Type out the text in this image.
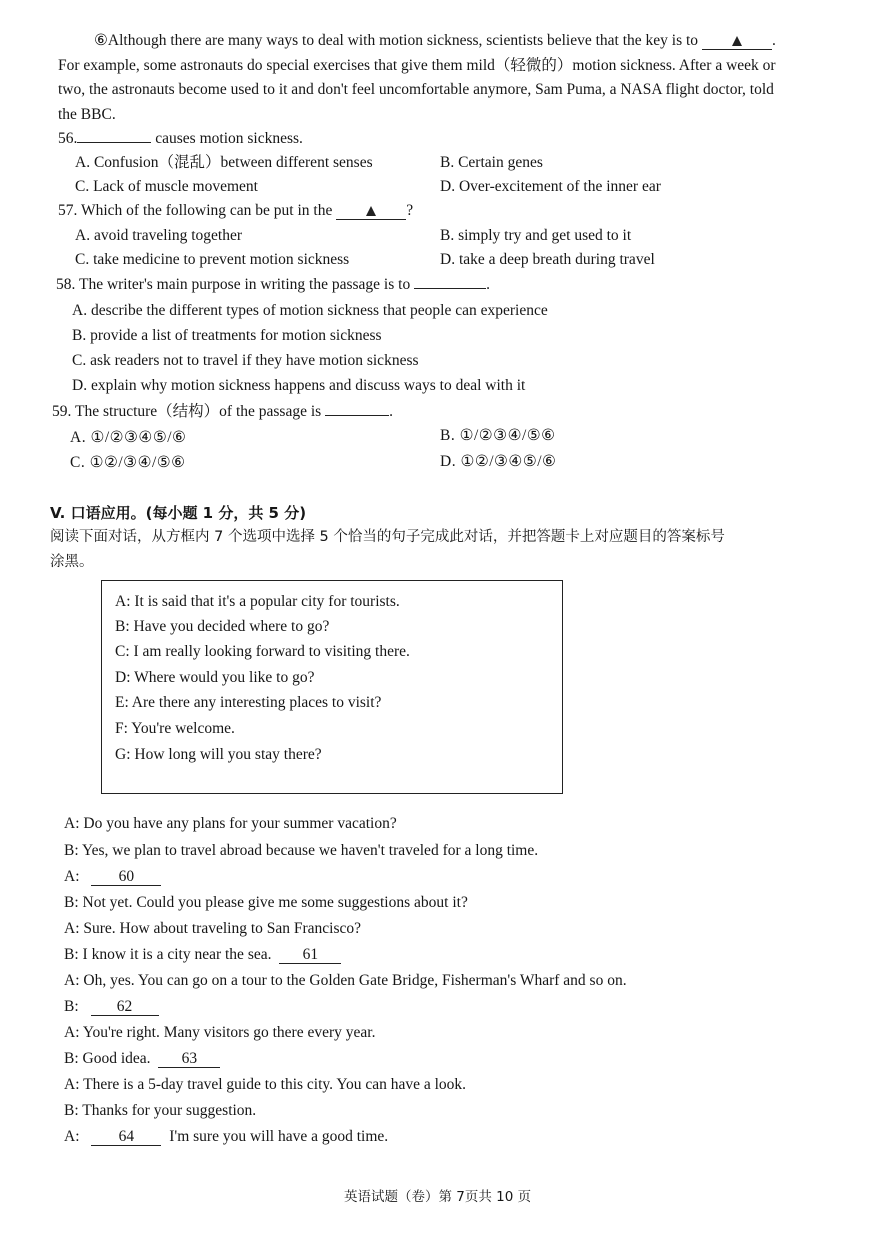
⑥Although there are many ways to deal with motion sickness, scientists believe that the key is to	.
For example, some astronauts do special exercises that give them mild（轻微的）motion sickness. After a week or
two, the astronauts become used to it and don't feel uncomfortable anymore, Sam Puma, a NASA flight doctor, told
the BBC.
56.	causes motion sickness.
A. Confusion（混乱）between different senses	B. Certain genes
C. Lack of muscle movement	D. Over-excitement of the inner ear
57. Which of the following can be put in the	?
A. avoid traveling together	B. simply try and get used to it
C. take medicine to prevent motion sickness	D. take a deep breath during travel
58. The writer's main purpose in writing the passage is to	.
A. describe the different types of motion sickness that people can experience
B. provide a list of treatments for motion sickness
C. ask readers not to travel if they have motion sickness
D. explain why motion sickness happens and discuss ways to deal with it
59. The structure（结构）of the passage is	.
A. ①/②③④⑤/⑥	B. ①/②③④/⑤⑥
C. ①②/③④/⑤⑥	D. ①②/③④⑤/⑥
V. 口语应用。(每小题 1 分，共 5 分)
阅读下面对话，从方框内 7 个选项中选择 5 个恰当的句子完成此对话，并把答题卡上对应题目的答案标号
涂黑。
A: It is said that it's a popular city for tourists.
B: Have you decided where to go?
C: I am really looking forward to visiting there.
D: Where would you like to go?
E: Are there any interesting places to visit?
F: You're welcome.
G: How long will you stay there?
A: Do you have any plans for your summer vacation?
B: Yes, we plan to travel abroad because we haven't traveled for a long time.
A:	60
B: Not yet. Could you please give me some suggestions about it?
A: Sure. How about traveling to San Francisco?
B: I know it is a city near the sea. 61
A: Oh, yes. You can go on a tour to the Golden Gate Bridge, Fisherman's Wharf and so on.
B: 62
A: You're right. Many visitors go there every year.
B: Good idea. 63
A: There is a 5-day travel guide to this city. You can have a look.
B: Thanks for your suggestion.
A:	64 I'm sure you will have a good time.
英语试题（卷）第 7页共 10 页
